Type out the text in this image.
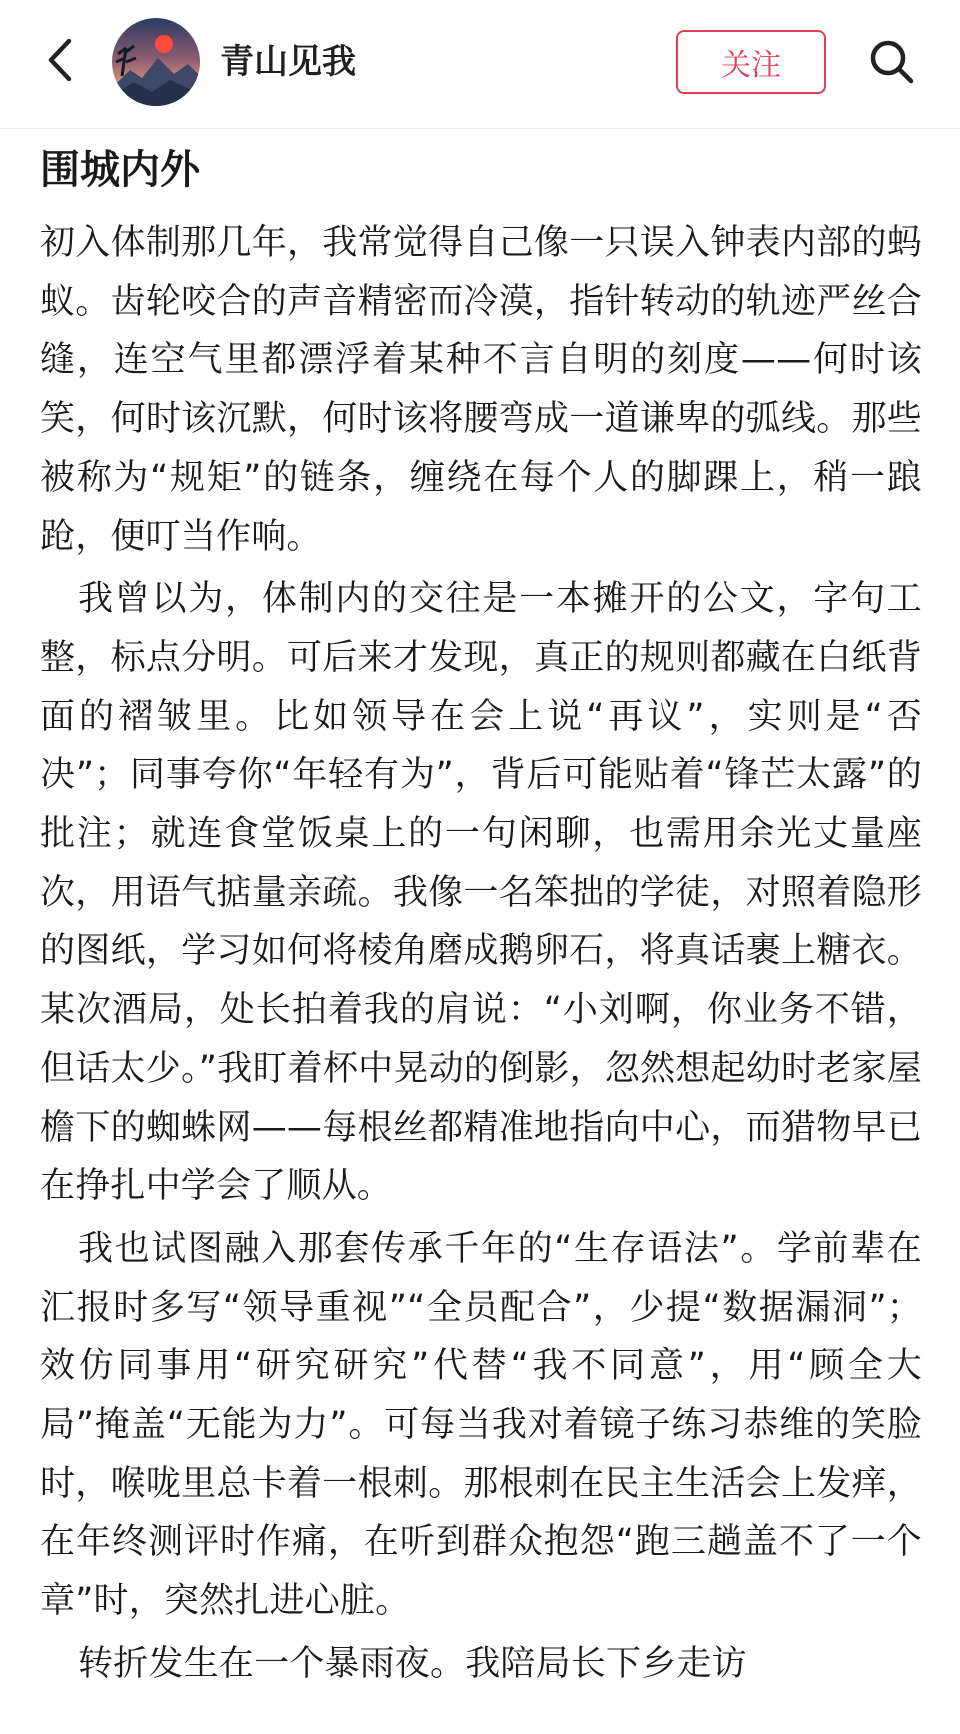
青山见我	关注
围城内外

初入体制那几年，我常觉得自己像一只误入钟表内部的蚂蚁。齿轮咬合的声音精密而冷漠，指针转动的轨迹严丝合缝，连空气里都漂浮着某种不言自明的刻度——何时该笑，何时该沉默，何时该将腰弯成一道谦卑的弧线。那些被称为“规矩”的链条，缠绕在每个人的脚踝上，稍一踉跄，便叮当作响。

我曾以为，体制内的交往是一本摊开的公文，字句工整，标点分明。可后来才发现，真正的规则都藏在白纸背面的褶皱里。比如领导在会上说“再议”，实则是“否决”；同事夸你“年轻有为”，背后可能贴着“锋芒太露”的批注；就连食堂饭桌上的一句闲聊，也需用余光丈量座次，用语气掂量亲疏。我像一名笨拙的学徒，对照着隐形的图纸，学习如何将棱角磨成鹅卵石，将真话裹上糖衣。某次酒局，处长拍着我的肩说：“小刘啊，你业务不错，但话太少。”我盯着杯中晃动的倒影，忽然想起幼时老家屋檐下的蜘蛛网——每根丝都精准地指向中心，而猎物早已在挣扎中学会了顺从。

我也试图融入那套传承千年的“生存语法”。学前辈在汇报时多写“领导重视”“全员配合”，少提“数据漏洞”；效仿同事用“研究研究”代替“我不同意”，用“顾全大局”掩盖“无能为力”。可每当我对着镜子练习恭维的笑脸时，喉咙里总卡着一根刺。那根刺在民主生活会上发痒，在年终测评时作痛，在听到群众抱怨“跑三趟盖不了一个章”时，突然扎进心脏。

转折发生在一个暴雨夜。我陪局长下乡走访
